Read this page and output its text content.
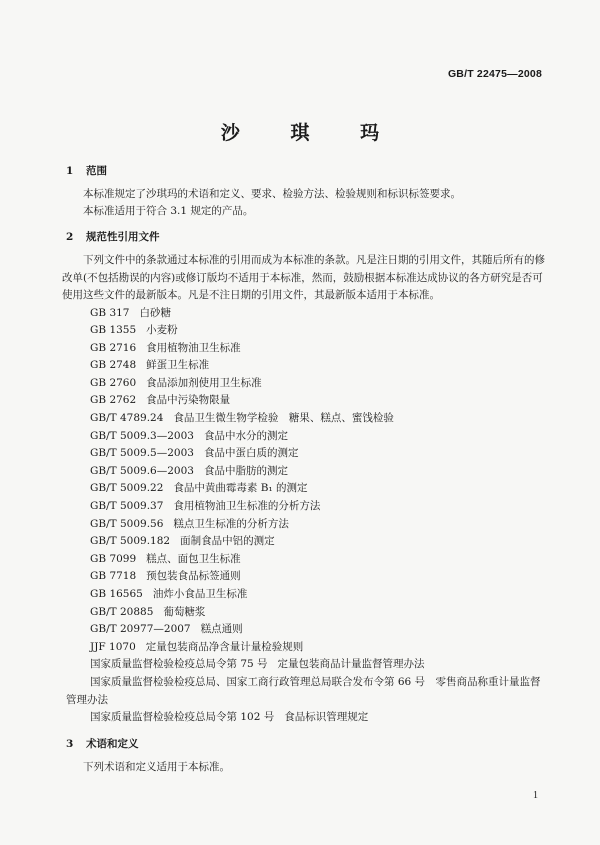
GB/T 22475—2008
沙 琪 玛
1 范围

本标准规定了沙琪玛的术语和定义、要求、检验方法、检验规则和标识标签要求。

本标准适用于符合 3.1 规定的产品。

2 规范性引用文件

下列文件中的条款通过本标准的引用而成为本标准的条款。凡是注日期的引用文件，其随后所有的修改单(不包括勘误的内容)或修订版均不适用于本标准，然而，鼓励根据本标准达成协议的各方研究是否可使用这些文件的最新版本。凡是不注日期的引用文件，其最新版本适用于本标准。

GB 317 白砂糖
GB 1355 小麦粉
GB 2716 食用植物油卫生标准
GB 2748 鲜蛋卫生标准
GB 2760 食品添加剂使用卫生标准
GB 2762 食品中污染物限量
GB/T 4789.24 食品卫生微生物学检验　糖果、糕点、蜜饯检验
GB/T 5009.3—2003 食品中水分的测定
GB/T 5009.5—2003 食品中蛋白质的测定
GB/T 5009.6—2003 食品中脂肪的测定
GB/T 5009.22 食品中黄曲霉毒素 B₁ 的测定
GB/T 5009.37 食用植物油卫生标准的分析方法
GB/T 5009.56 糕点卫生标准的分析方法
GB/T 5009.182 面制食品中铝的测定
GB 7099 糕点、面包卫生标准
GB 7718 预包装食品标签通则
GB 16565 油炸小食品卫生标准
GB/T 20885 葡萄糖浆
GB/T 20977—2007 糕点通则
JJF 1070 定量包装商品净含量计量检验规则
国家质量监督检验检疫总局令第 75 号 定量包装商品计量监督管理办法
国家质量监督检验检疫总局、国家工商行政管理总局联合发布令第 66 号　零售商品称重计量监督
管理办法
国家质量监督检验检疫总局令第 102 号 食品标识管理规定
3 术语和定义

下列术语和定义适用于本标准。

1
